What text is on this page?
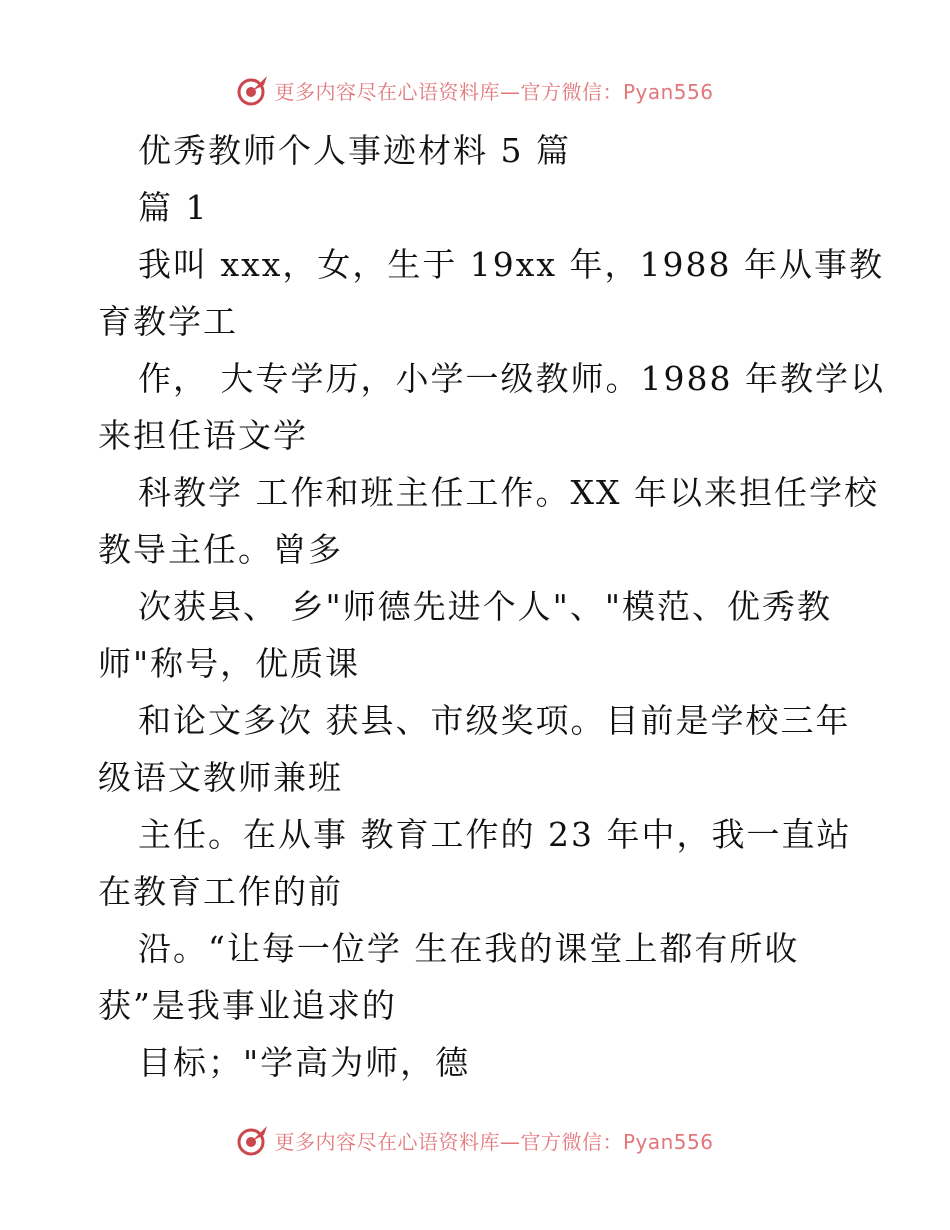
更多内容尽在心语资料库—官方微信：Pyan556
优秀教师个人事迹材料 5 篇
篇 1
我叫 xxx，女，生于 19xx 年，1988 年从事教
育教学工
作， 大专学历，小学一级教师。1988 年教学以
来担任语文学
科教学 工作和班主任工作。XX 年以来担任学校
教导主任。曾多
次获县、 乡"师德先进个人"、"模范、优秀教
师"称号，优质课
和论文多次 获县、市级奖项。目前是学校三年
级语文教师兼班
主任。在从事 教育工作的 23 年中，我一直站
在教育工作的前
沿。“让每一位学 生在我的课堂上都有所收
获”是我事业追求的
目标；"学高为师，德
更多内容尽在心语资料库—官方微信：Pyan556
